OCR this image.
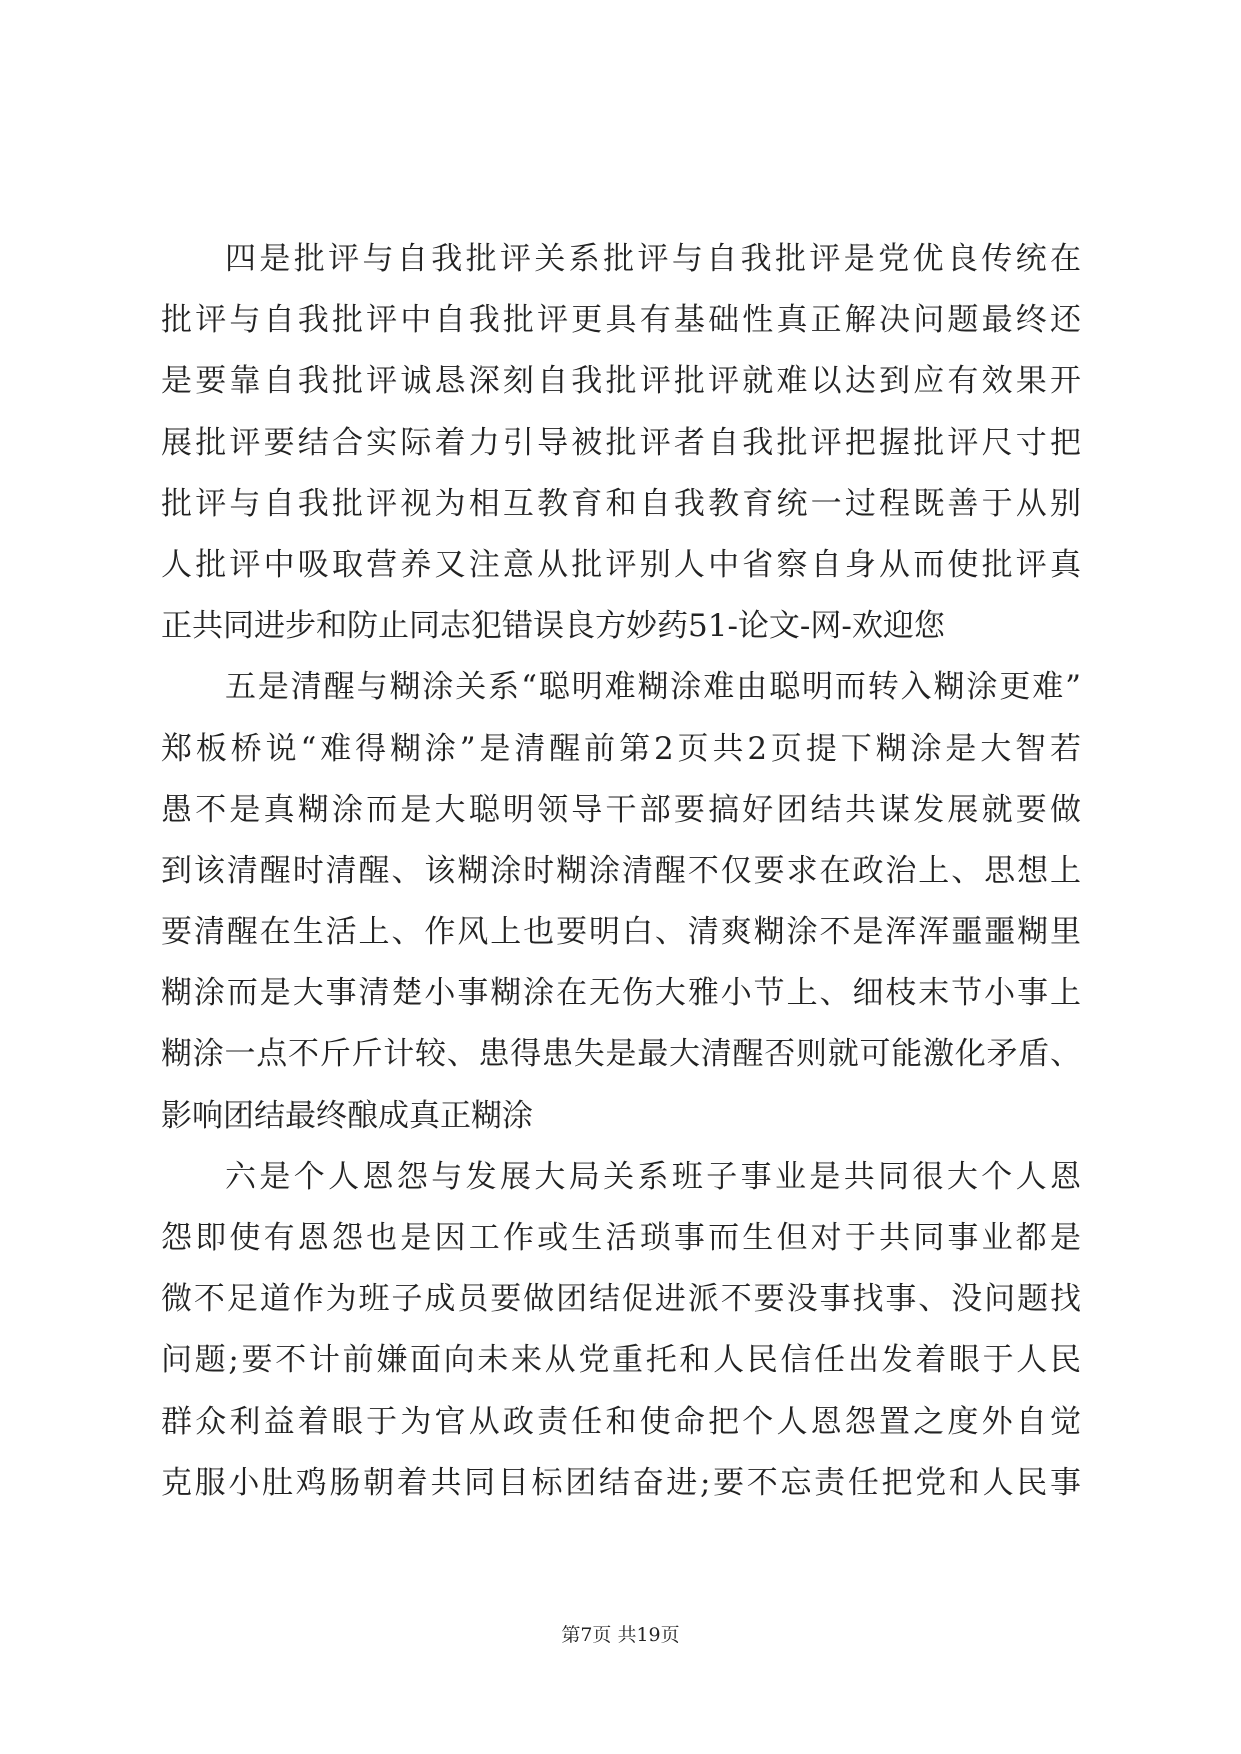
四是批评与自我批评关系批评与自我批评是党优良传统在
批评与自我批评中自我批评更具有基础性真正解决问题最终还
是要靠自我批评诚恳深刻自我批评批评就难以达到应有效果开
展批评要结合实际着力引导被批评者自我批评把握批评尺寸把
批评与自我批评视为相互教育和自我教育统一过程既善于从别
人批评中吸取营养又注意从批评别人中省察自身从而使批评真
正共同进步和防止同志犯错误良方妙药51-论文-网-欢迎您
五是清醒与糊涂关系“聪明难糊涂难由聪明而转入糊涂更难”
郑板桥说“难得糊涂”是清醒前第2页共2页提下糊涂是大智若
愚不是真糊涂而是大聪明领导干部要搞好团结共谋发展就要做
到该清醒时清醒、该糊涂时糊涂清醒不仅要求在政治上、思想上
要清醒在生活上、作风上也要明白、清爽糊涂不是浑浑噩噩糊里
糊涂而是大事清楚小事糊涂在无伤大雅小节上、细枝末节小事上
糊涂一点不斤斤计较、患得患失是最大清醒否则就可能激化矛盾、
影响团结最终酿成真正糊涂
六是个人恩怨与发展大局关系班子事业是共同很大个人恩
怨即使有恩怨也是因工作或生活琐事而生但对于共同事业都是
微不足道作为班子成员要做团结促进派不要没事找事、没问题找
问题;要不计前嫌面向未来从党重托和人民信任出发着眼于人民
群众利益着眼于为官从政责任和使命把个人恩怨置之度外自觉
克服小肚鸡肠朝着共同目标团结奋进;要不忘责任把党和人民事
第7页 共19页
